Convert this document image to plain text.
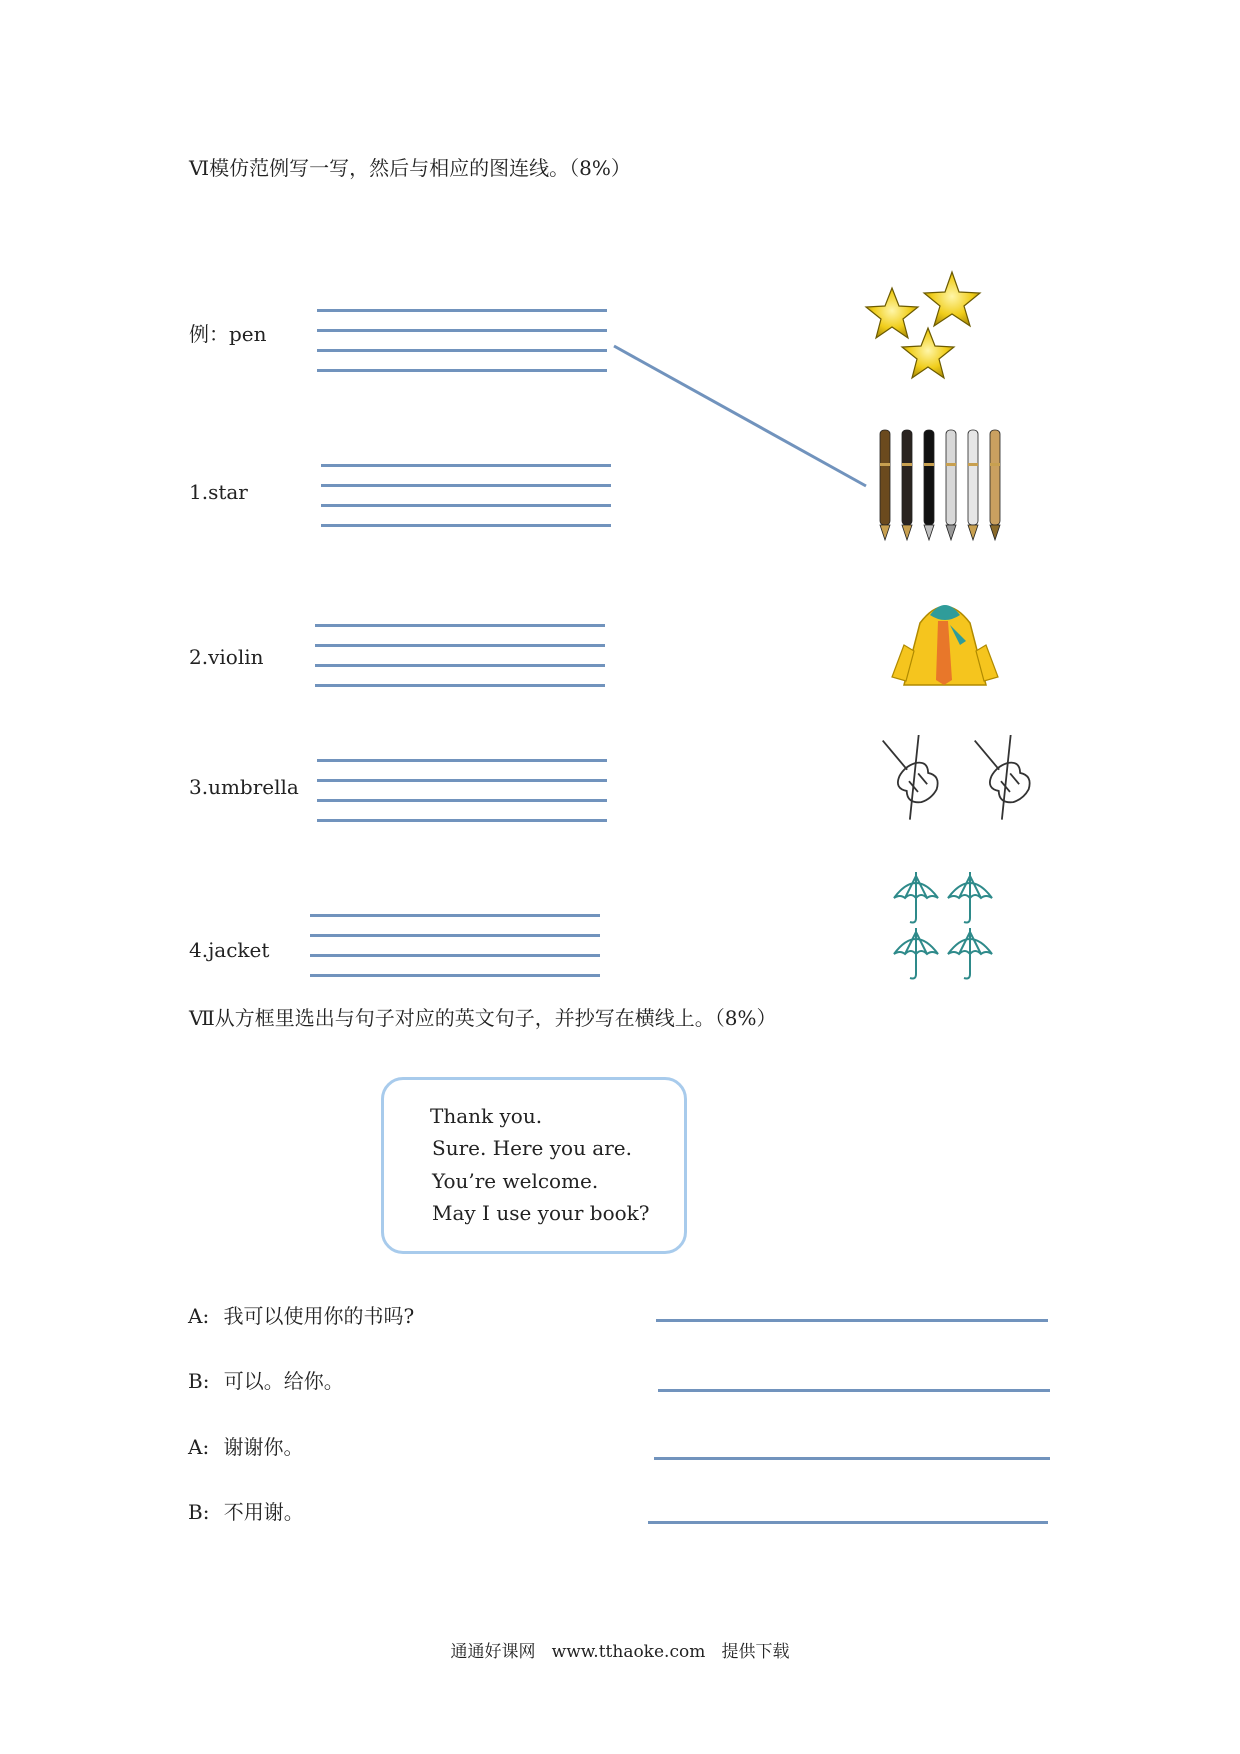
Ⅵ模仿范例写一写，然后与相应的图连线。（8%）
例：pen
1.star
2.violin
3.umbrella
4.jacket
Ⅶ从方框里选出与句子对应的英文句子，并抄写在横线上。（8%）
Thank you.
Sure. Here you are.
You’re welcome.
May I use your book?
A: 我可以使用你的书吗?
B: 可以。给你。
A: 谢谢你。
B: 不用谢。
通通好课网   www.tthaoke.com   提供下载
